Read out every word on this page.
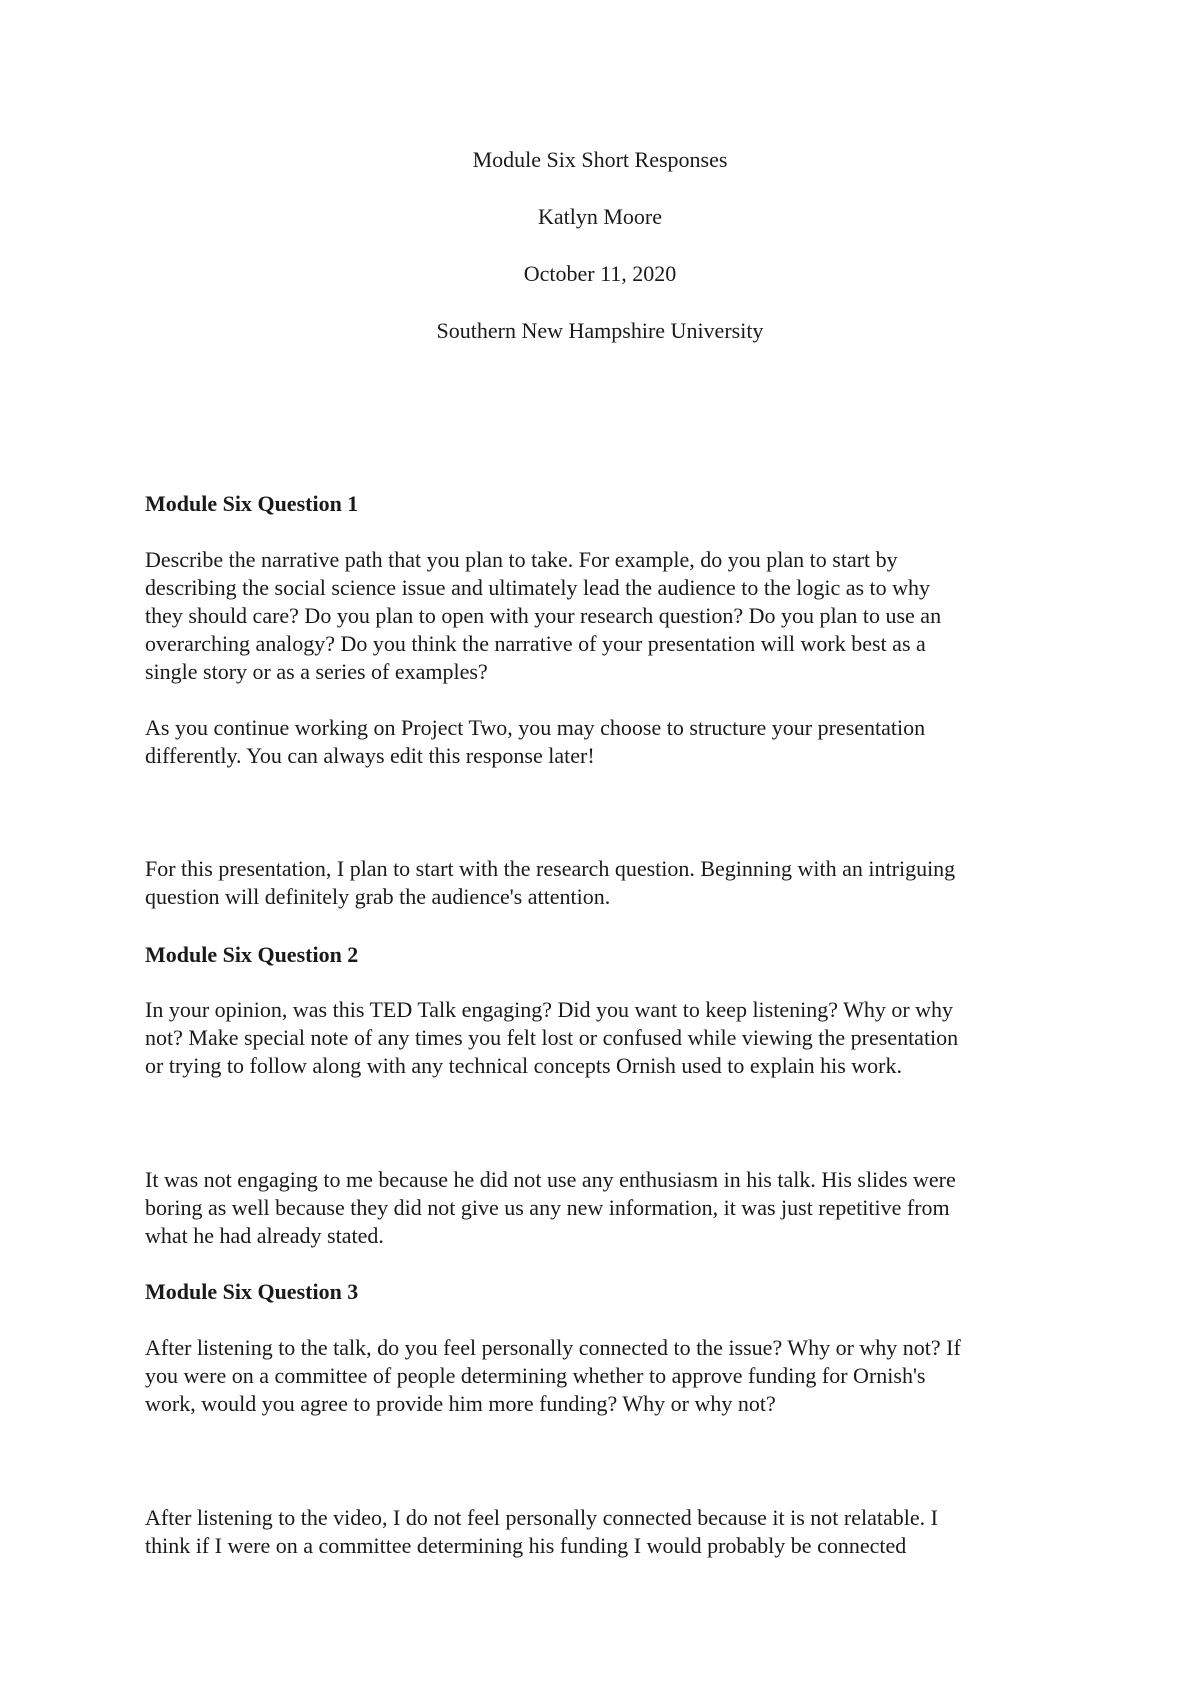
Module Six Short Responses
Katlyn Moore
October 11, 2020
Southern New Hampshire University
Module Six Question 1

Describe the narrative path that you plan to take. For example, do you plan to start by

describing the social science issue and ultimately lead the audience to the logic as to why

they should care? Do you plan to open with your research question? Do you plan to use an

overarching analogy? Do you think the narrative of your presentation will work best as a

single story or as a series of examples?

As you continue working on Project Two, you may choose to structure your presentation

differently. You can always edit this response later!

For this presentation, I plan to start with the research question. Beginning with an intriguing

question will definitely grab the audience's attention.

Module Six Question 2

In your opinion, was this TED Talk engaging? Did you want to keep listening? Why or why

not? Make special note of any times you felt lost or confused while viewing the presentation

or trying to follow along with any technical concepts Ornish used to explain his work.

It was not engaging to me because he did not use any enthusiasm in his talk. His slides were

boring as well because they did not give us any new information, it was just repetitive from

what he had already stated.

Module Six Question 3

After listening to the talk, do you feel personally connected to the issue? Why or why not? If

you were on a committee of people determining whether to approve funding for Ornish's

work, would you agree to provide him more funding? Why or why not?

After listening to the video, I do not feel personally connected because it is not relatable. I

think if I were on a committee determining his funding I would probably be connected
